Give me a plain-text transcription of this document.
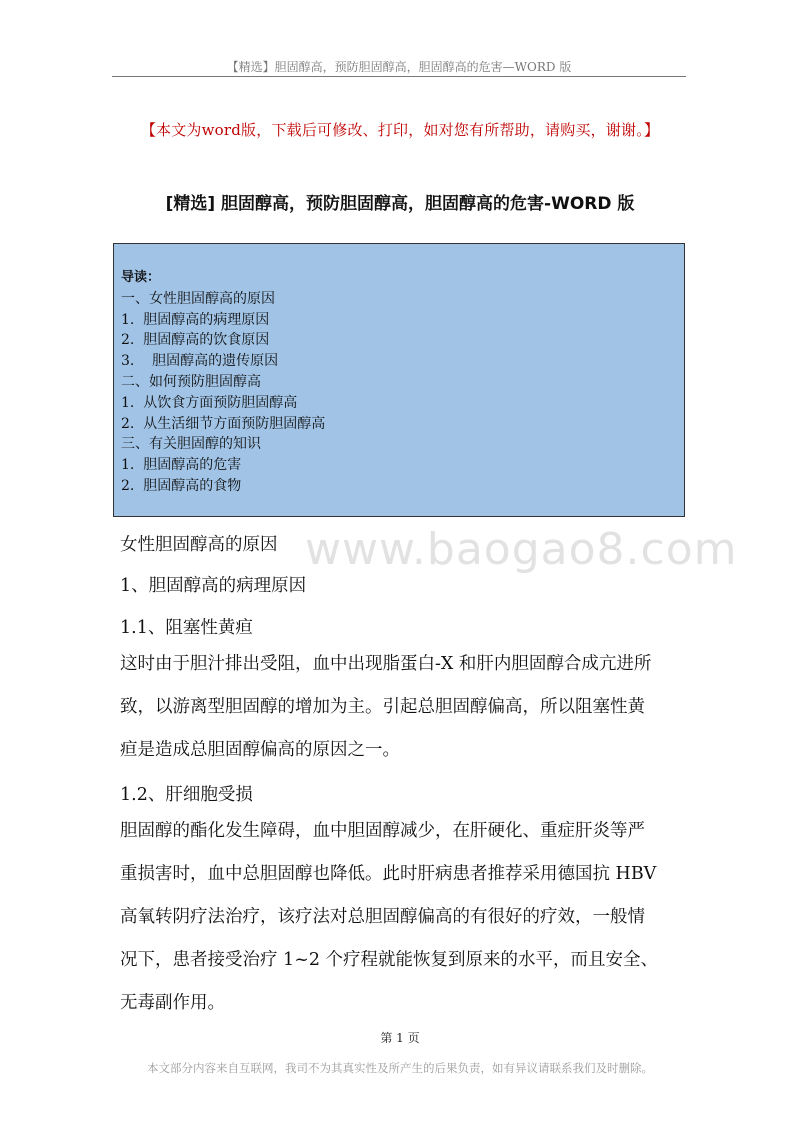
【精选】胆固醇高，预防胆固醇高，胆固醇高的危害—WORD 版
【本文为word版，下载后可修改、打印，如对您有所帮助，请购买，谢谢。】
[精选] 胆固醇高，预防胆固醇高，胆固醇高的危害-WORD 版
导读：
一、女性胆固醇高的原因
1.  胆固醇高的病理原因
2.  胆固醇高的饮食原因
3.    胆固醇高的遗传原因
二、如何预防胆固醇高
1.  从饮食方面预防胆固醇高
2.  从生活细节方面预防胆固醇高
三、有关胆固醇的知识
1.  胆固醇高的危害
2.  胆固醇高的食物
www.baogao8.com
女性胆固醇高的原因
1、胆固醇高的病理原因
1.1、阻塞性黄疸
这时由于胆汁排出受阻，血中出现脂蛋白-X 和肝内胆固醇合成亢进所
致，以游离型胆固醇的增加为主。引起总胆固醇偏高，所以阻塞性黄
疸是造成总胆固醇偏高的原因之一。
1.2、肝细胞受损
胆固醇的酯化发生障碍，血中胆固醇减少，在肝硬化、重症肝炎等严
重损害时，血中总胆固醇也降低。此时肝病患者推荐采用德国抗 HBV
高氧转阴疗法治疗，该疗法对总胆固醇偏高的有很好的疗效，一般情
况下，患者接受治疗 1~2 个疗程就能恢复到原来的水平，而且安全、
无毒副作用。
第 1 页
本文部分内容来自互联网，我司不为其真实性及所产生的后果负责，如有异议请联系我们及时删除。
